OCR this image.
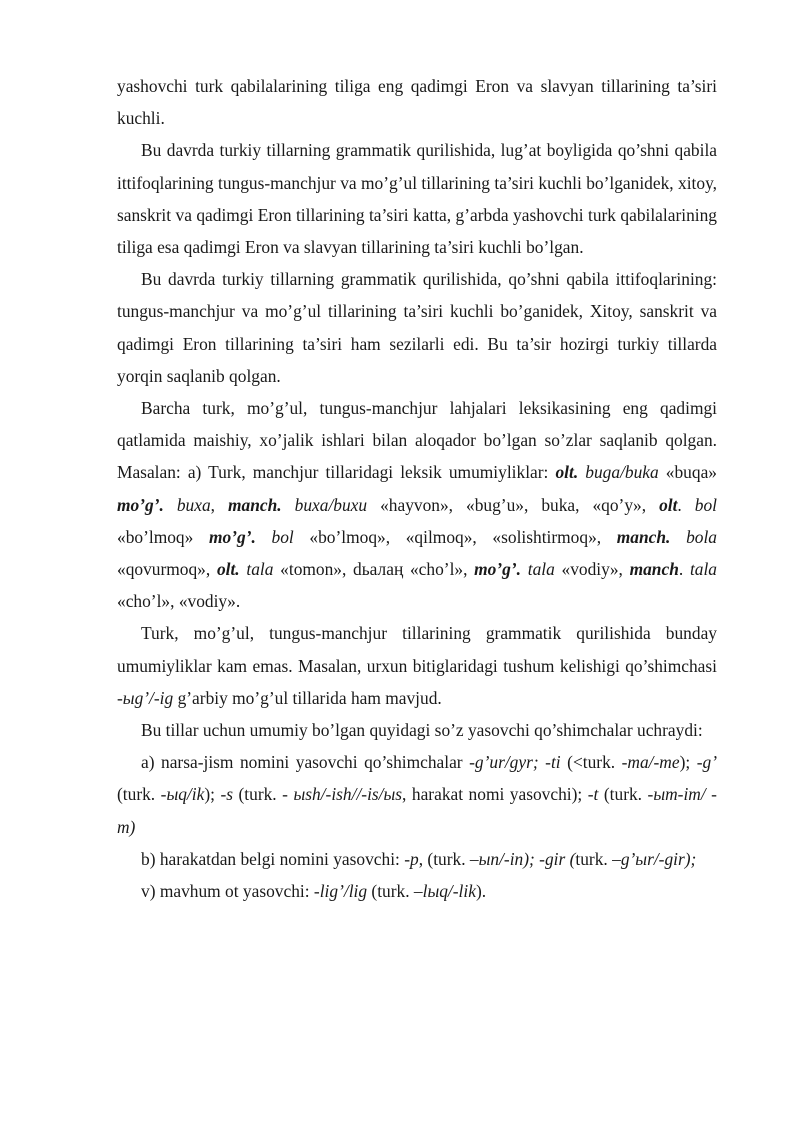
yashovchi turk qabilalarining tiliga eng qadimgi Eron va slavyan tillarining ta’siri kuchli.

Bu davrda turkiy tillarning grammatik qurilishida, lug’at boyligida qo’shni qabila ittifoqlarining tungus-manchjur va mo’g’ul tillarining ta’siri kuchli bo’lganidek, xitoy, sanskrit va qadimgi Eron tillarining ta’siri katta, g’arbda yashovchi turk qabilalarining tiliga esa qadimgi Eron va slavyan tillarining ta’siri kuchli bo’lgan.

Bu davrda turkiy tillarning grammatik qurilishida, qo’shni qabila ittifoqlarining: tungus-manchjur va mo’g’ul tillarining ta’siri kuchli bo’ganidek, Xitoy, sanskrit va qadimgi Eron tillarining ta’siri ham sezilarli edi. Bu ta’sir hozirgi turkiy tillarda yorqin saqlanib qolgan.

Barcha turk, mo’g’ul, tungus-manchjur lahjalari leksikasining eng qadimgi qatlamida maishiy, xo’jalik ishlari bilan aloqador bo’lgan so’zlar saqlanib qolgan. Masalan: a) Turk, manchjur tillaridagi leksik umumiyliklar: olt. buga/buka «buqa» mo’g’. buxa, manch. buxa/buxu «hayvon», «bug’u», buka, «qo’y», olt. bol «bo’lmoq» mo’g’. bol «bo’lmoq», «qilmoq», «solishtirmoq», manch. bola «qovurmoq», olt. tala «tomon», dьалаң «cho’l», mo’g’. tala «vodiy», manch. tala «cho’l», «vodiy».

Turk, mo’g’ul, tungus-manchjur tillarining grammatik qurilishida bunday umumiyliklar kam emas. Masalan, urxun bitiglaridagi tushum kelishigi qo’shimchasi -ыg’/-ig g’arbiy mo’g’ul tillarida ham mavjud.

Bu tillar uchun umumiy bo’lgan quyidagi so’z yasovchi qo’shimchalar uchraydi:

a) narsa-jism nomini yasovchi qo’shimchalar -g’ur/gyr; -ti (<turk. -ma/-me); -g’ (turk. -ыq/ik); -s (turk. - ыsh/-ish//-is/ыs, harakat nomi yasovchi); -t (turk. -ыm-im/ -m)

b) harakatdan belgi nomini yasovchi: -p, (turk. –ыn/-in); -gir (turk. –g’ыr/-gir);

v) mavhum ot yasovchi: -lig’/lig (turk. –lыq/-lik).
